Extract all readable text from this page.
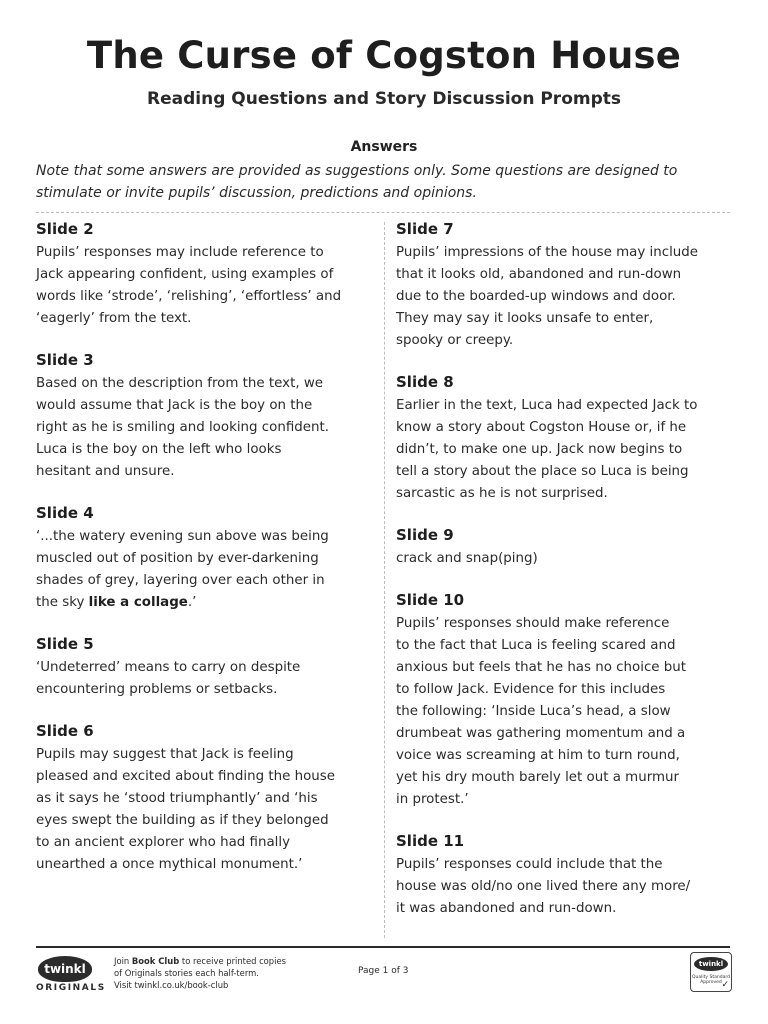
The Curse of Cogston House
Reading Questions and Story Discussion Prompts
Answers
Note that some answers are provided as suggestions only. Some questions are designed to stimulate or invite pupils’ discussion, predictions and opinions.
Slide 2

Pupils’ responses may include reference to
Jack appearing confident, using examples of
words like ‘strode’, ‘relishing’, ‘effortless’ and
‘eagerly’ from the text.

Slide 3

Based on the description from the text, we
would assume that Jack is the boy on the
right as he is smiling and looking confident.
Luca is the boy on the left who looks
hesitant and unsure.

Slide 4

‘...the watery evening sun above was being
muscled out of position by ever-darkening
shades of grey, layering over each other in
the sky like a collage.’

Slide 5

‘Undeterred’ means to carry on despite
encountering problems or setbacks.

Slide 6

Pupils may suggest that Jack is feeling
pleased and excited about finding the house
as it says he ‘stood triumphantly’ and ‘his
eyes swept the building as if they belonged
to an ancient explorer who had finally
unearthed a once mythical monument.’

Slide 7

Pupils’ impressions of the house may include
that it looks old, abandoned and run-down
due to the boarded-up windows and door.
They may say it looks unsafe to enter,
spooky or creepy.

Slide 8

Earlier in the text, Luca had expected Jack to
know a story about Cogston House or, if he
didn’t, to make one up. Jack now begins to
tell a story about the place so Luca is being
sarcastic as he is not surprised.

Slide 9

crack and snap(ping)

Slide 10

Pupils’ responses should make reference
to the fact that Luca is feeling scared and
anxious but feels that he has no choice but
to follow Jack. Evidence for this includes
the following: ‘Inside Luca’s head, a slow
drumbeat was gathering momentum and a
voice was screaming at him to turn round,
yet his dry mouth barely let out a murmur
in protest.’

Slide 11

Pupils’ responses could include that the
house was old/no one lived there any more/
it was abandoned and run-down.

twinkl
ORIGINALS
Join Book Club to receive printed copies
of Originals stories each half-term.
Visit twinkl.co.uk/book-club
Page 1 of 3
twinkl
Quality Standard Approved ✓
